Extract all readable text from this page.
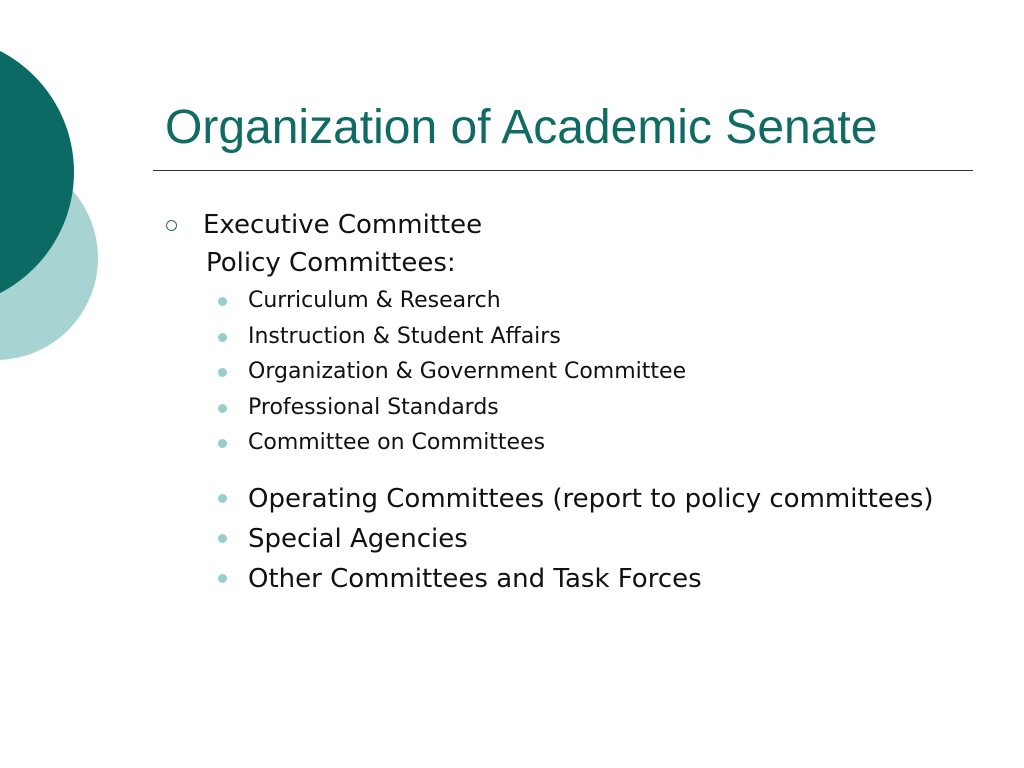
Organization of Academic Senate
Executive Committee
Policy Committees:
Curriculum & Research
Instruction & Student Affairs
Organization & Government Committee
Professional Standards
Committee on Committees
Operating Committees (report to policy committees)
Special Agencies
Other Committees and Task Forces
